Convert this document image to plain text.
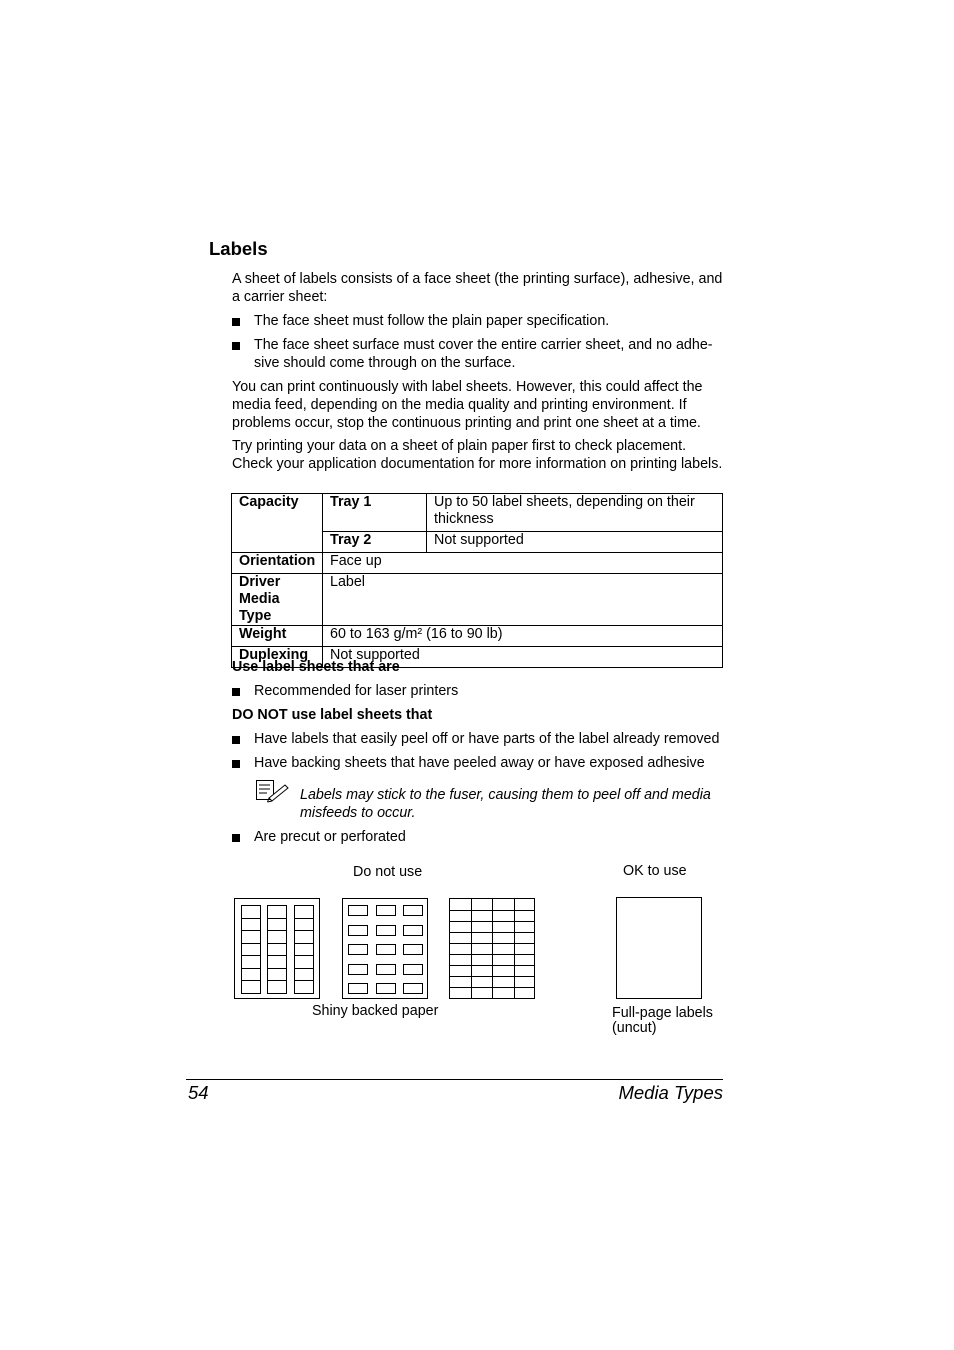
Labels

A sheet of labels consists of a face sheet (the printing surface), adhesive, and a carrier sheet:

The face sheet must follow the plain paper specification.
The face sheet surface must cover the entire carrier sheet, and no adhe-sive should come through on the surface.

You can print continuously with label sheets. However, this could affect the media feed, depending on the media quality and printing environment. If problems occur, stop the continuous printing and print one sheet at a time.

Try printing your data on a sheet of plain paper first to check placement. Check your application documentation for more information on printing labels.

Capacity	Tray 1	Up to 50 label sheets, depending on their thickness
	Tray 2	Not supported
Orientation	Face up	
Driver Media Type	Label	
Weight	60 to 163 g/m² (16 to 90 lb)	
Duplexing	Not supported	
Use label sheets that are
Recommended for laser printers
DO NOT use label sheets that
Have labels that easily peel off or have parts of the label already removed
Have backing sheets that have peeled away or have exposed adhesive
Labels may stick to the fuser, causing them to peel off and media misfeeds to occur.
Are precut or perforated
Do not use	OK to use
Shiny backed paper	Full-page labels
(uncut)
54	Media Types
